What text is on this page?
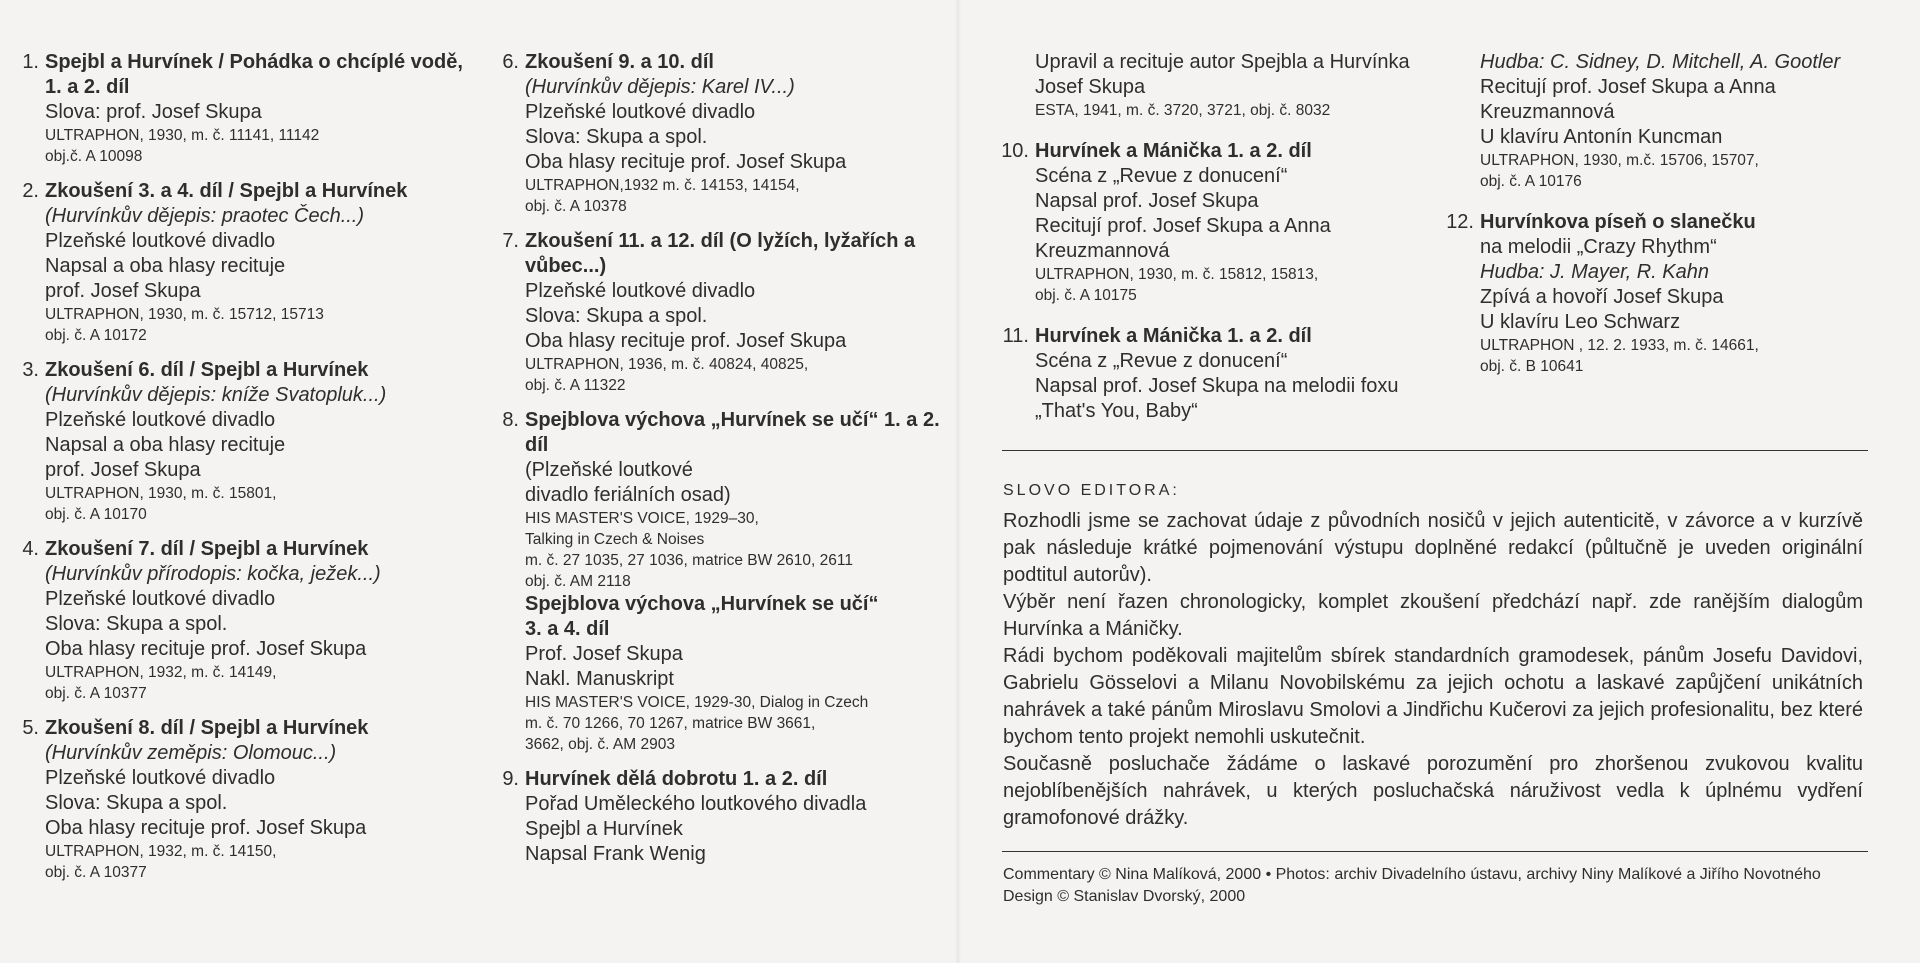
1. Spejbl a Hurvínek / Pohádka o chcíplé vodě, 1. a 2. díl
Slova: prof. Josef Skupa
ULTRAPHON, 1930, m. č. 11141, 11142
obj.č. A 10098
2. Zkoušení 3. a 4. díl / Spejbl a Hurvínek
(Hurvínkův dějepis: praotec Čech...)
Plzeňské loutkové divadlo
Napsal a oba hlasy recituje
prof. Josef Skupa
ULTRAPHON, 1930, m. č. 15712, 15713
obj. č. A 10172
3. Zkoušení 6. díl / Spejbl a Hurvínek
(Hurvínkův dějepis: kníže Svatopluk...)
Plzeňské loutkové divadlo
Napsal a oba hlasy recituje
prof. Josef Skupa
ULTRAPHON, 1930, m. č. 15801,
obj. č. A 10170
4. Zkoušení 7. díl / Spejbl a Hurvínek
(Hurvínkův přírodopis: kočka, ježek...)
Plzeňské loutkové divadlo
Slova: Skupa a spol.
Oba hlasy recituje prof. Josef Skupa
ULTRAPHON, 1932, m. č. 14149,
obj. č. A 10377
5. Zkoušení 8. díl / Spejbl a Hurvínek
(Hurvínkův zeměpis: Olomouc...)
Plzeňské loutkové divadlo
Slova: Skupa a spol.
Oba hlasy recituje prof. Josef Skupa
ULTRAPHON, 1932, m. č. 14150,
obj. č. A 10377
6. Zkoušení 9. a 10. díl
(Hurvínkův dějepis: Karel IV...)
Plzeňské loutkové divadlo
Slova: Skupa a spol.
Oba hlasy recituje prof. Josef Skupa
ULTRAPHON,1932 m. č. 14153, 14154,
obj. č. A 10378
7. Zkoušení 11. a 12. díl (O lyžích, lyžařích a vůbec...)
Plzeňské loutkové divadlo
Slova: Skupa a spol.
Oba hlasy recituje prof. Josef Skupa
ULTRAPHON, 1936, m. č. 40824, 40825,
obj. č. A 11322
8. Spejblova výchova „Hurvínek se učí“ 1. a 2. díl
(Plzeňské loutkové
divadlo feriálních osad)
HIS MASTER'S VOICE, 1929–30,
Talking in Czech & Noises
m. č. 27 1035, 27 1036, matrice BW 2610, 2611
obj. č. AM 2118
Spejblova výchova „Hurvínek se učí“
3. a 4. díl
Prof. Josef Skupa
Nakl. Manuskript
HIS MASTER'S VOICE, 1929-30, Dialog in Czech
m. č. 70 1266, 70 1267, matrice BW 3661,
3662, obj. č. AM 2903
9. Hurvínek dělá dobrotu 1. a 2. díl
Pořad Uměleckého loutkového divadla
Spejbl a Hurvínek
Napsal Frank Wenig
Upravil a recituje autor Spejbla a Hurvínka
Josef Skupa
ESTA, 1941, m. č. 3720, 3721, obj. č. 8032
10. Hurvínek a Mánička 1. a 2. díl
Scéna z „Revue z donucení“
Napsal prof. Josef Skupa
Recitují prof. Josef Skupa a Anna
Kreuzmannová
ULTRAPHON, 1930, m. č. 15812, 15813,
obj. č. A 10175
11. Hurvínek a Mánička 1. a 2. díl
Scéna z „Revue z donucení“
Napsal prof. Josef Skupa na melodii foxu
„That's You, Baby“
Hudba: C. Sidney, D. Mitchell, A. Gootler
Recitují prof. Josef Skupa a Anna
Kreuzmannová
U klavíru Antonín Kuncman
ULTRAPHON, 1930, m.č. 15706, 15707,
obj. č. A 10176
12. Hurvínkova píseň o slanečku
na melodii „Crazy Rhythm“
Hudba: J. Mayer, R. Kahn
Zpívá a hovoří Josef Skupa
U klavíru Leo Schwarz
ULTRAPHON , 12. 2. 1933, m. č. 14661,
obj. č. B 10641
SLOVO EDITORA:
Rozhodli jsme se zachovat údaje z původních nosičů v jejich autenticitě, v závorce a v kurzívě pak následuje krátké pojmenování výstupu doplněné redakcí (půltučně je uveden originální podtitul autorův).
Výběr není řazen chronologicky, komplet zkoušení předchází např. zde ranějším dialogům Hurvínka a Máničky.
Rádi bychom poděkovali majitelům sbírek standardních gramodesek, pánům Josefu Davidovi, Gabrielu Gösselovi a Milanu Novobilskému za jejich ochotu a laskavé zapůjčení unikátních nahrávek a také pánům Miroslavu Smolovi a Jindřichu Kučerovi za jejich profesionalitu, bez které bychom tento projekt nemohli uskutečnit.
Současně posluchače žádáme o laskavé porozumění pro zhoršenou zvukovou kvalitu nejoblíbenějších nahrávek, u kterých posluchačská náruživost vedla k úplnému vydření gramofonové drážky.
Commentary © Nina Malíková, 2000 • Photos: archiv Divadelního ústavu, archivy Niny Malíkové a Jiřího Novotného
Design © Stanislav Dvorský, 2000
